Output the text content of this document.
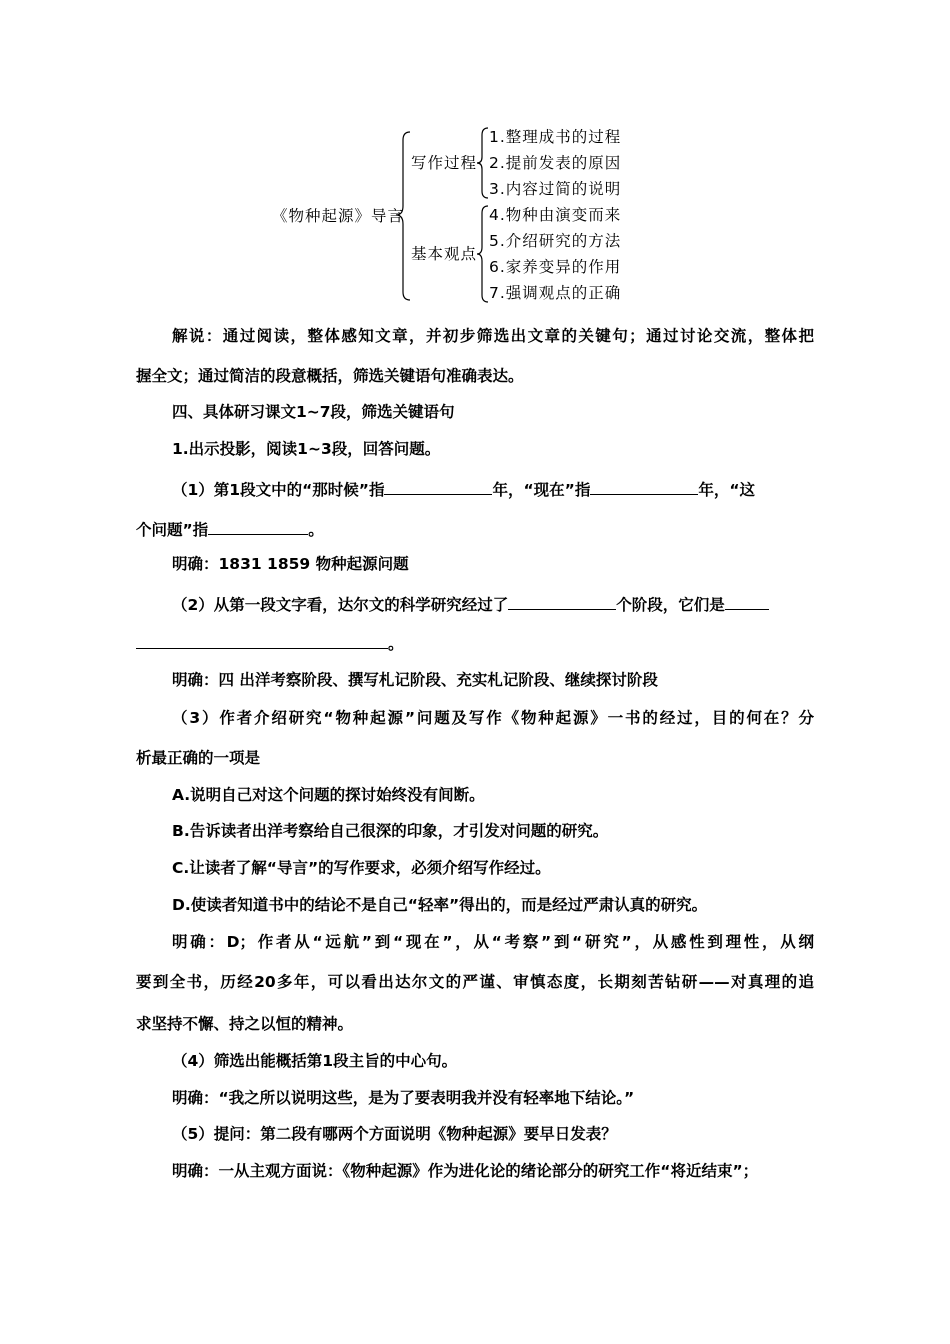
《物种起源》导言
写作过程
1.整理成书的过程
2.提前发表的原因
3.内容过简的说明
基本观点
4.物种由演变而来
5.介绍研究的方法
6.家养变异的作用
7.强调观点的正确
解说：通过阅读，整体感知文章，并初步筛选出文章的关键句；通过讨论交流，整体把
握全文；通过简洁的段意概括，筛选关键语句准确表达。
四、具体研习课文1~7段，筛选关键语句
1.出示投影，阅读1~3段，回答问题。
（1）第1段文中的“那时候”指	年，“现在”指	年，“这
个问题”指	。
明确：1831 1859 物种起源问题
（2）从第一段文字看，达尔文的科学研究经过了	个阶段，它们是
。
明确：四 出洋考察阶段、撰写札记阶段、充实札记阶段、继续探讨阶段
（3）作者介绍研究“物种起源”问题及写作《物种起源》一书的经过，目的何在？分
析最正确的一项是
A.说明自己对这个问题的探讨始终没有间断。
B.告诉读者出洋考察给自己很深的印象，才引发对问题的研究。
C.让读者了解“导言”的写作要求，必须介绍写作经过。
D.使读者知道书中的结论不是自己“轻率”得出的，而是经过严肃认真的研究。
明确：D；作者从“远航”到“现在”，从“考察”到“研究”，从感性到理性，从纲
要到全书，历经20多年，可以看出达尔文的严谨、审慎态度，长期刻苦钻研——对真理的追
求坚持不懈、持之以恒的精神。
（4）筛选出能概括第1段主旨的中心句。
明确：“我之所以说明这些，是为了要表明我并没有轻率地下结论。”
（5）提问：第二段有哪两个方面说明《物种起源》要早日发表？
明确：一从主观方面说：《物种起源》作为进化论的绪论部分的研究工作“将近结束”；
